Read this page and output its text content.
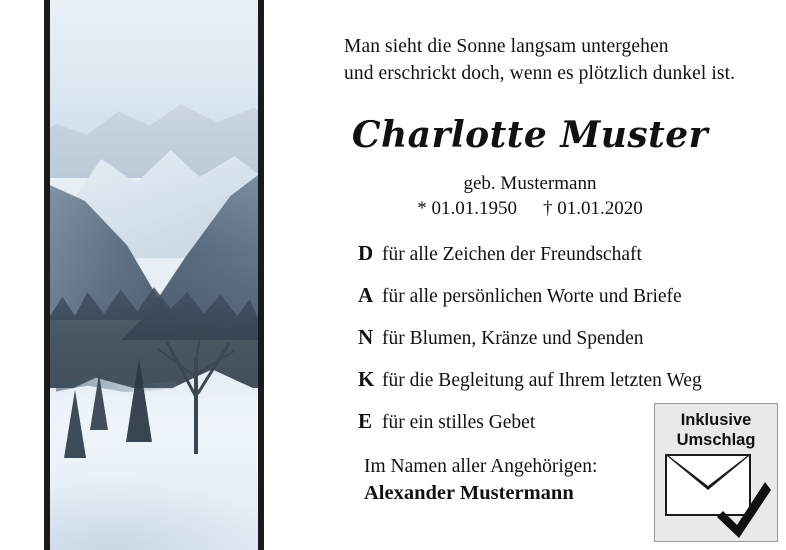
Man sieht die Sonne langsam untergehen
und erschrickt doch, wenn es plötzlich dunkel ist.
Charlotte Muster
geb. Mustermann
* 01.01.1950 † 01.01.2020
D für alle Zeichen der Freundschaft
A für alle persönlichen Worte und Briefe
N für Blumen, Kränze und Spenden
K für die Begleitung auf Ihrem letzten Weg
E für ein stilles Gebet
Im Namen aller Angehörigen:
Alexander Mustermann
Inklusive
Umschlag
